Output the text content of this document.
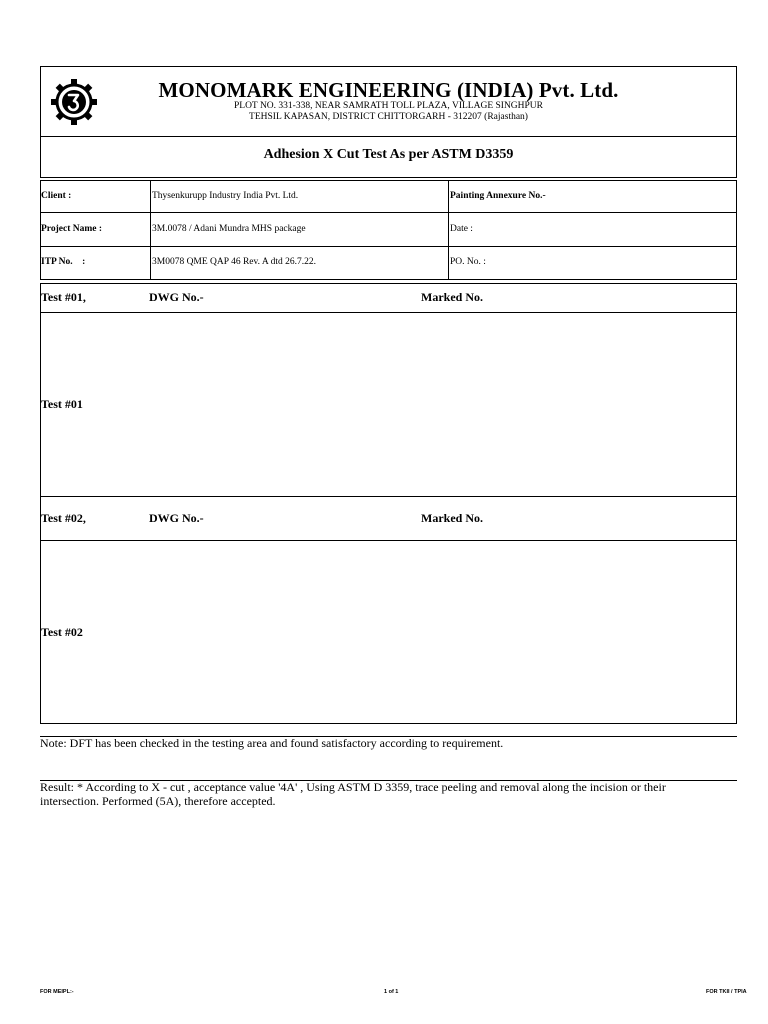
MONOMARK ENGINEERING (INDIA) Pvt. Ltd.
PLOT NO. 331-338, NEAR SAMRATH TOLL PLAZA, VILLAGE SINGHPUR
TEHSIL KAPASAN, DISTRICT CHITTORGARH - 312207 (Rajasthan)
Adhesion X Cut Test As per ASTM D3359
Client :	Thysenkurupp Industry India Pvt. Ltd.	Painting Annexure No.-
Project Name :	3M.0078 / Adani Mundra MHS package	Date :
ITP No.    :	3M0078 QME QAP 46 Rev. A dtd 26.7.22.	PO. No. :
Test #01,	DWG No.-	Marked No.
Test #01
Test #02,	DWG No.-	Marked No.
Test #02
Note: DFT has been checked in the testing area and found satisfactory according to requirement.
Result: * According to X - cut , acceptance value '4A' , Using ASTM D 3359, trace peeling and removal along the incision or their intersection. Performed (5A), therefore accepted.
FOR MEIPL:-	1 of 1	FOR TKII / TPIA
